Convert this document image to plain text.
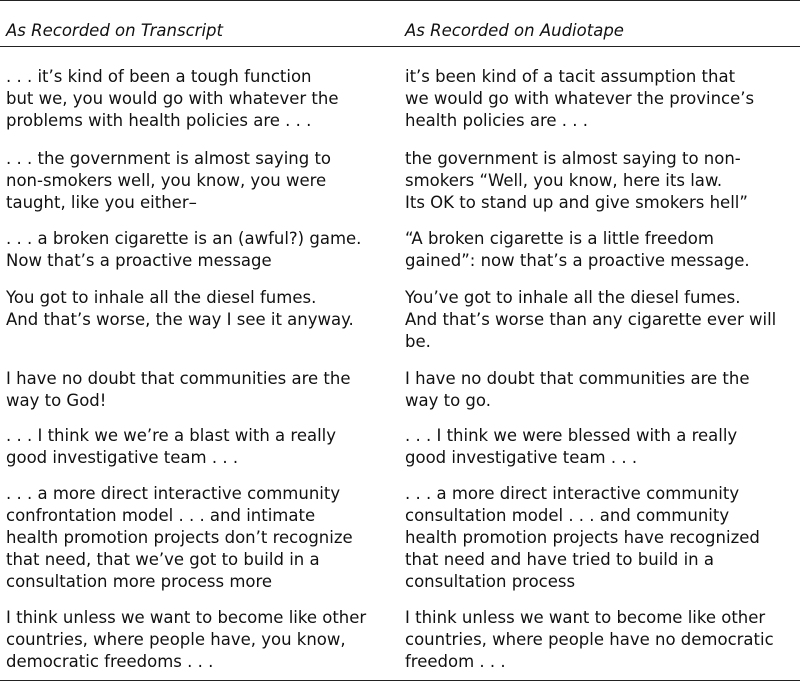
As Recorded on Transcript	As Recorded on Audiotape
. . . it’s kind of been a tough function
but we, you would go with whatever the
problems with health policies are . . .
it’s been kind of a tacit assumption that
we would go with whatever the province’s
health policies are . . .
. . . the government is almost saying to
non-smokers well, you know, you were
taught, like you either–
the government is almost saying to non-
smokers “Well, you know, here its law.
Its OK to stand up and give smokers hell”
. . . a broken cigarette is an (awful?) game.
Now that’s a proactive message
“A broken cigarette is a little freedom
gained”: now that’s a proactive message.
You got to inhale all the diesel fumes.
And that’s worse, the way I see it anyway.
You’ve got to inhale all the diesel fumes.
And that’s worse than any cigarette ever will
be.
I have no doubt that communities are the
way to God!
I have no doubt that communities are the
way to go.
. . . I think we we’re a blast with a really
good investigative team . . .
. . . I think we were blessed with a really
good investigative team . . .
. . . a more direct interactive community
confrontation model . . . and intimate
health promotion projects don’t recognize
that need, that we’ve got to build in a
consultation more process more
. . . a more direct interactive community
consultation model . . . and community
health promotion projects have recognized
that need and have tried to build in a
consultation process
I think unless we want to become like other
countries, where people have, you know,
democratic freedoms . . .
I think unless we want to become like other
countries, where people have no democratic
freedom . . .
